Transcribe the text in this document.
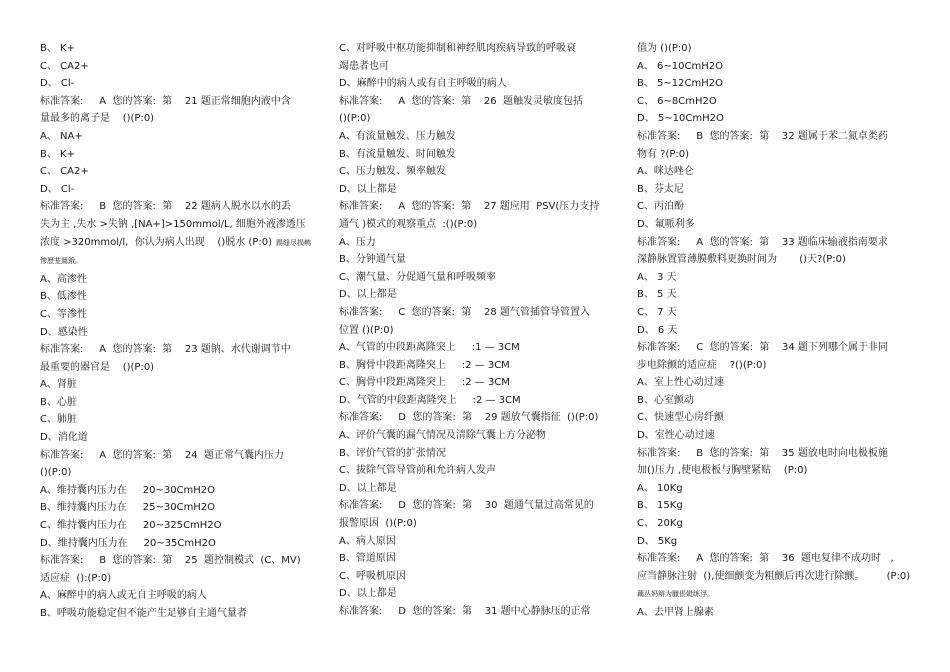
B、 K+
C、 CA2+
D、 Cl-
标准答案:     A  您的答案:  第    21 题正常细胞内液中含
量最多的离子是    ()(P:0)
A、 NA+
B、 K+
C、 CA2+
D、 Cl-
标准答案:     B  您的答案:  第    22 题病人脱水以水的丢
失为主 ,失水 >失钠 ,[NA+]>150mmol/L, 细胞外液渗透压
浓度 >320mmol/l,  你认为病人出现    ()脱水 (P:0) 踢缝尽损鹌
惨歷茏鴛鋨。
A、高渗性
B、低渗性
C、等渗性
D、感染性
标准答案:     A  您的答案:  第    23 题钠、水代谢调节中
最重要的器官是    ()(P:0)
A、肾脏
B、心脏
C、肺脏
D、消化道
标准答案:     A  您的答案:  第    24  题正常气囊内压力
()(P:0)
A、维持囊内压力在     20~30CmH2O
B、维持囊内压力在     25~30CmH2O
C、维持囊内压力在     20~325CmH2O
D、维持囊内压力在     20~35CmH2O
标准答案:     B  您的答案:  第    25  题控制模式  (C、MV)
适应症  ():(P:0)
A、麻醉中的病人或无自主呼吸的病人
B、呼吸功能稳定但不能产生足够自主通气量者
C、对呼吸中枢功能抑制和神经肌肉疾病导致的呼吸衰
竭患者也可
D、麻醉中的病人或有自主呼吸的病人
标准答案:     A  您的答案:  第    26  题触发灵敏度包括
()(P:0)
A、有流量触发、压力触发
B、有流量触发、时间触发
C、压力触发、频率触发
D、以上都是
标准答案:     A  您的答案:  第    27 题应用  PSV(压力支持
通气 )模式的观察重点  :()(P:0)
A、压力
B、分钟通气量
C、潮气量、分促通气量和呼吸频率
D、以上都是
标准答案:     C  您的答案:  第    28 题气管插管导管置入
位置 ()(P:0)
A、气管的中段距离隆突上     :1 — 3CM
B、胸骨中段距离隆突上     :2 — 3CM
C、胸骨中段距离隆突上     :2 — 3CM
D、气管的中段距离隆突上     :2 — 3CM
标准答案:     D  您的答案:  第    29 题放气囊指征  ()(P:0)
A、评价气囊的漏气情况及清除气囊上方分泌物
B、评价气管的扩张情况
C、拔除气管导管前和允许病人发声
D、以上都是
标准答案:     D  您的答案:  第    30  题通气量过高常见的
报警原因  ()(P:0)
A、病人原因
B、管道原因
C、呼吸机原因
D、以上都是
标准答案:     D  您的答案:  第    31 题中心静脉压的正常
值为 ()(P:0)
A、 6~10CmH2O
B、 5~12CmH2O
C、 6~8CmH2O
D、 5~10CmH2O
标准答案:     B  您的答案:  第    32 题属于苯二氮卓类药
物有 ?(P:0)
A、咪达唑仑
B、芬太尼
C、丙泊酚
D、氟哌利多
标准答案:     A  您的答案:  第    33 题临床输液指南要求
深静脉置管薄膜敷料更换时间为       ()天?(P:0)
A、 3 天
B、 5 天
C、 7 天
D、 6 天
标准答案:     C  您的答案:  第    34 题下列哪个属于非同
步电除颤的适应症    ?()(P:0)
A、室上性心动过速
B、心室颤动
C、快速型心房纤颤
D、室性心动过速
标准答案:     B  您的答案:  第    35 题放电时向电极板施
加()压力 ,使电极板与胸壁紧贴    (P:0)
A、 10Kg
B、 15Kg
C、 20Kg
D、 5Kg
标准答案:     A  您的答案:  第    36  题电复律不成功时   ,
应当静脉注射  (),使细颤变为粗颤后再次进行除颤。       (P:0)
藕丛妈辩为臘倀蜓练浮。
A、去甲肾上腺素
